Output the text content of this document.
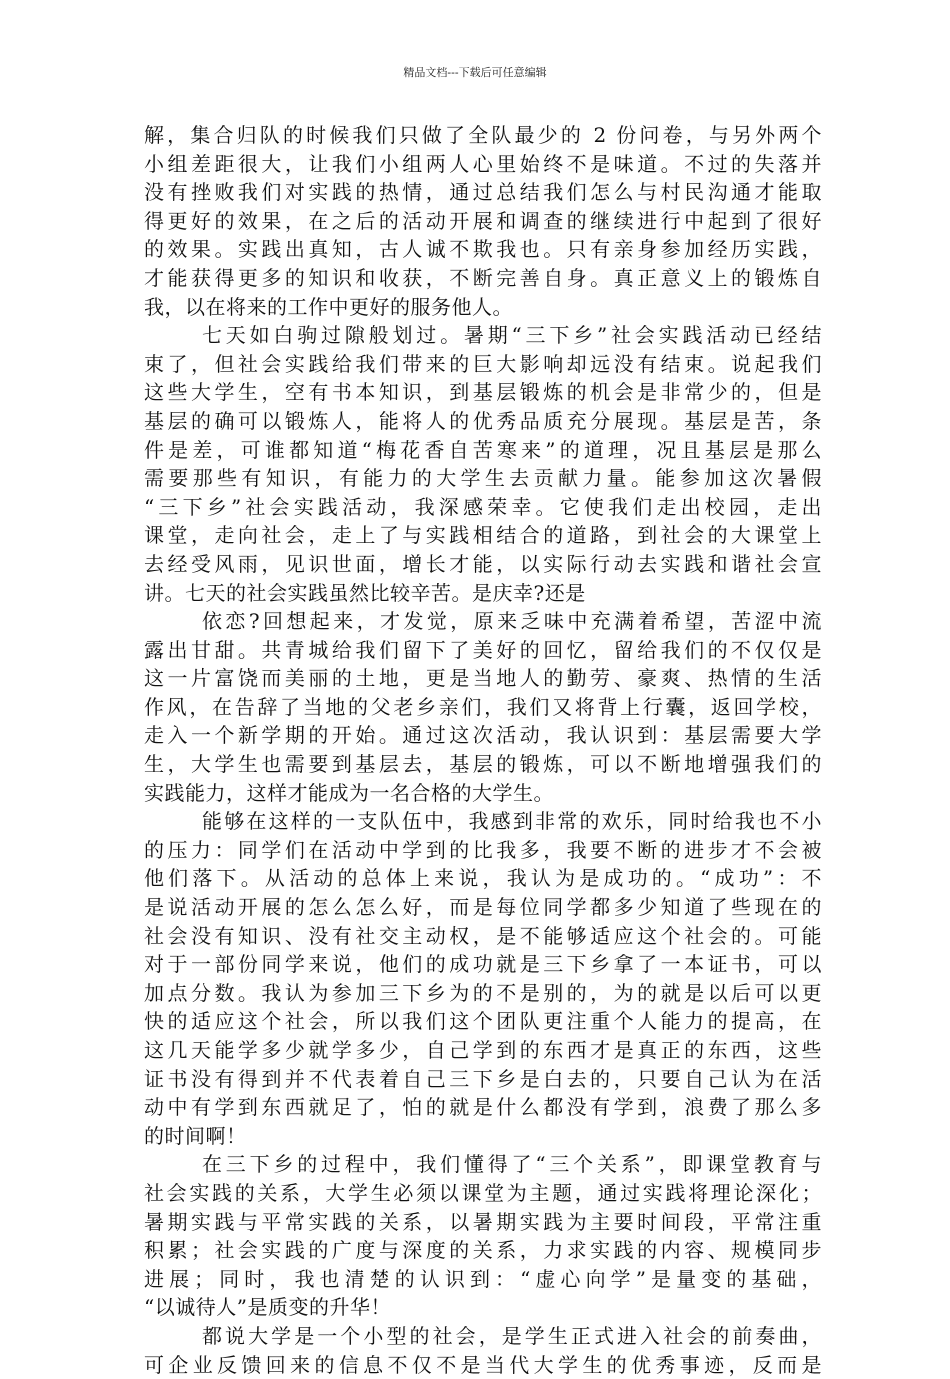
精品文档---下载后可任意编辑
解，集合归队的时候我们只做了全队最少的 2 份问卷，与另外两个
小组差距很大，让我们小组两人心里始终不是味道。不过的失落并
没有挫败我们对实践的热情，通过总结我们怎么与村民沟通才能取
得更好的效果，在之后的活动开展和调查的继续进行中起到了很好
的效果。实践出真知，古人诚不欺我也。只有亲身参加经历实践，
才能获得更多的知识和收获，不断完善自身。真正意义上的锻炼自
我，以在将来的工作中更好的服务他人。
七天如白驹过隙般划过。暑期“三下乡”社会实践活动已经结
束了，但社会实践给我们带来的巨大影响却远没有结束。说起我们
这些大学生，空有书本知识，到基层锻炼的机会是非常少的，但是
基层的确可以锻炼人，能将人的优秀品质充分展现。基层是苦，条
件是差，可谁都知道“梅花香自苦寒来”的道理，况且基层是那么
需要那些有知识，有能力的大学生去贡献力量。能参加这次暑假
“三下乡”社会实践活动，我深感荣幸。它使我们走出校园，走出
课堂，走向社会，走上了与实践相结合的道路，到社会的大课堂上
去经受风雨，见识世面，增长才能，以实际行动去实践和谐社会宣
讲。七天的社会实践虽然比较辛苦。是庆幸?还是
依恋?回想起来，才发觉，原来乏味中充满着希望，苦涩中流
露出甘甜。共青城给我们留下了美好的回忆，留给我们的不仅仅是
这一片富饶而美丽的土地，更是当地人的勤劳、豪爽、热情的生活
作风，在告辞了当地的父老乡亲们，我们又将背上行囊，返回学校，
走入一个新学期的开始。通过这次活动，我认识到：基层需要大学
生，大学生也需要到基层去，基层的锻炼，可以不断地增强我们的
实践能力，这样才能成为一名合格的大学生。
能够在这样的一支队伍中，我感到非常的欢乐，同时给我也不小
的压力：同学们在活动中学到的比我多，我要不断的进步才不会被
他们落下。从活动的总体上来说，我认为是成功的。“成功”：不
是说活动开展的怎么怎么好，而是每位同学都多少知道了些现在的
社会没有知识、没有社交主动权，是不能够适应这个社会的。可能
对于一部份同学来说，他们的成功就是三下乡拿了一本证书，可以
加点分数。我认为参加三下乡为的不是别的，为的就是以后可以更
快的适应这个社会，所以我们这个团队更注重个人能力的提高，在
这几天能学多少就学多少，自己学到的东西才是真正的东西，这些
证书没有得到并不代表着自己三下乡是白去的，只要自己认为在活
动中有学到东西就足了，怕的就是什么都没有学到，浪费了那么多
的时间啊！
在三下乡的过程中，我们懂得了“三个关系”，即课堂教育与
社会实践的关系，大学生必须以课堂为主题，通过实践将理论深化；
暑期实践与平常实践的关系，以暑期实践为主要时间段，平常注重
积累；社会实践的广度与深度的关系，力求实践的内容、规模同步
进展；同时，我也清楚的认识到：“虚心向学”是量变的基础，
“以诚待人”是质变的升华！
都说大学是一个小型的社会，是学生正式进入社会的前奏曲，
可企业反馈回来的信息不仅不是当代大学生的优秀事迹，反而是
